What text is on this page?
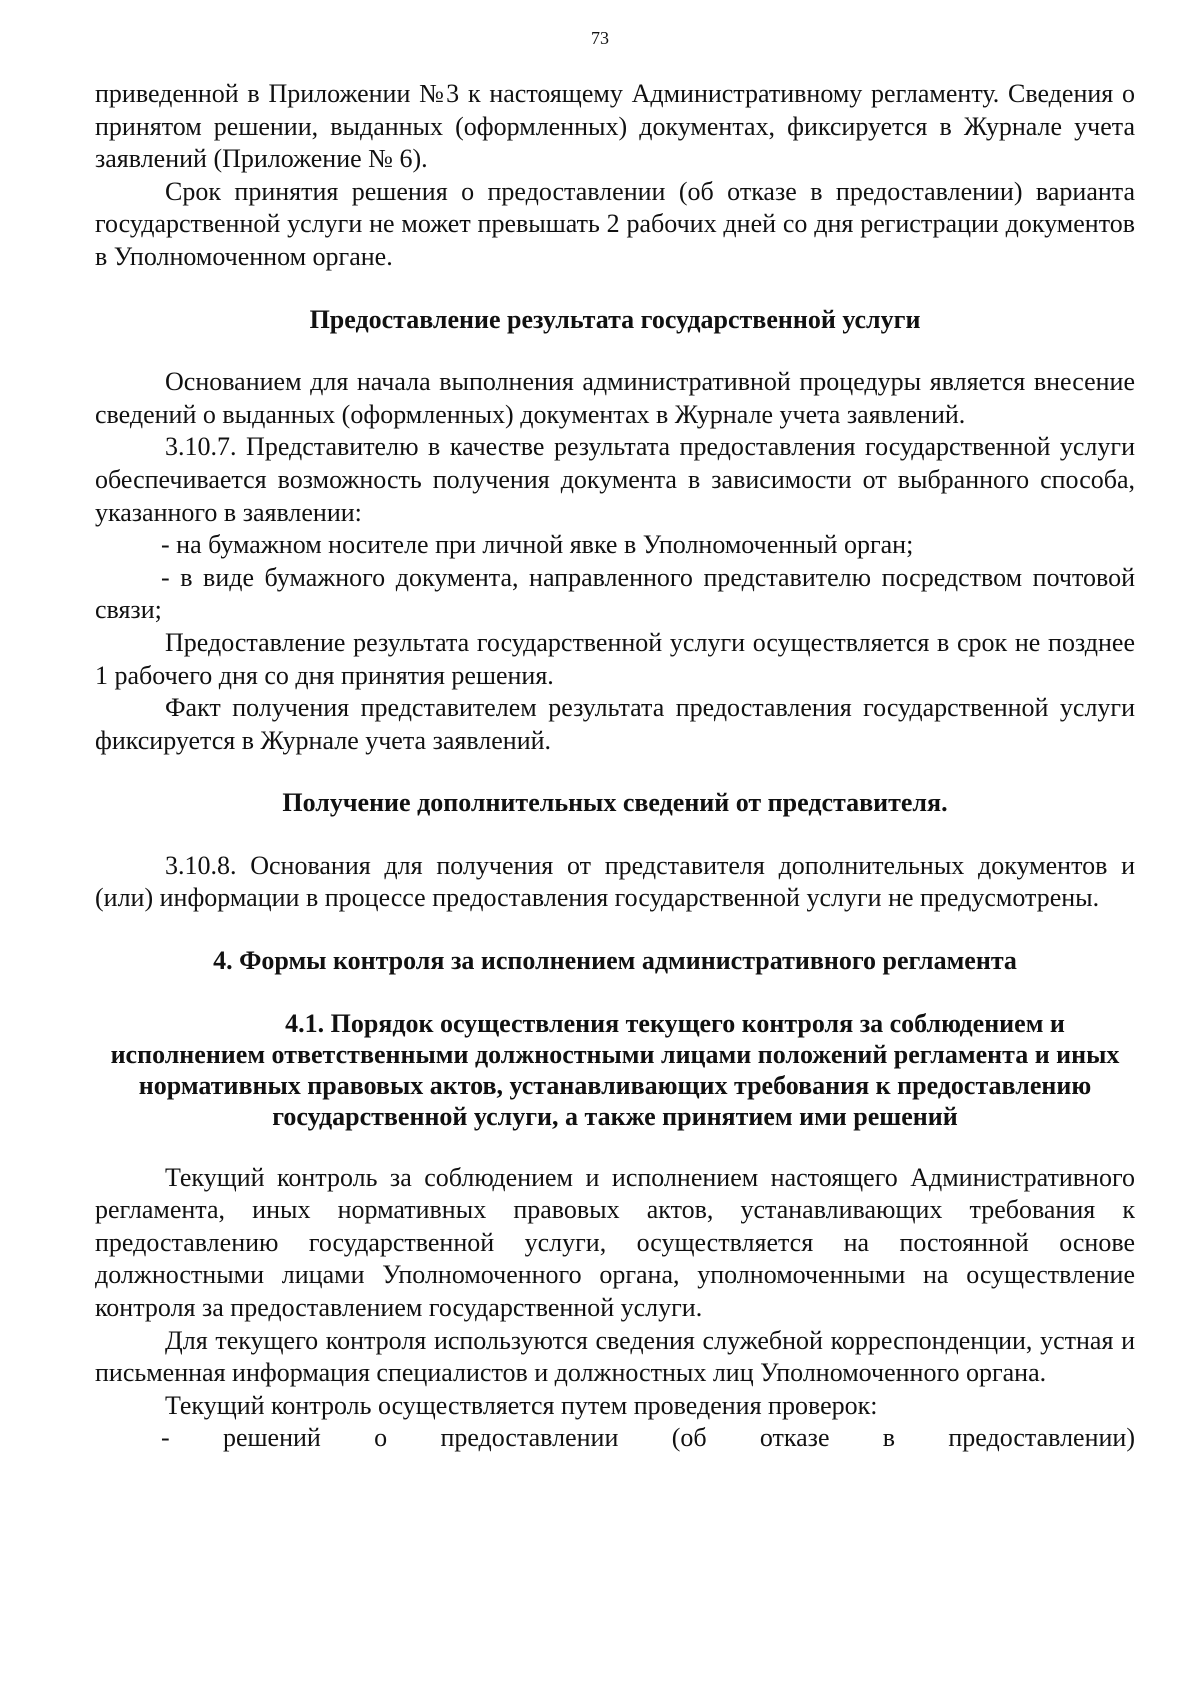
73

приведенной в Приложении №3 к настоящему Административному регламенту. Сведения о принятом решении, выданных (оформленных) документах, фиксируется в Журнале учета заявлений (Приложение № 6).

Срок принятия решения о предоставлении (об отказе в предоставлении) варианта государственной услуги не может превышать 2 рабочих дней со дня регистрации документов в Уполномоченном органе.

Предоставление результата государственной услуги

Основанием для начала выполнения административной процедуры является внесение сведений о выданных (оформленных) документах в Журнале учета заявлений.

3.10.7. Представителю в качестве результата предоставления государственной услуги обеспечивается возможность получения документа в зависимости от выбранного способа, указанного в заявлении:

- на бумажном носителе при личной явке в Уполномоченный орган;

- в виде бумажного документа, направленного представителю посредством почтовой связи;

Предоставление результата государственной услуги осуществляется в срок не позднее 1 рабочего дня со дня принятия решения.

Факт получения представителем результата предоставления государственной услуги фиксируется в Журнале учета заявлений.

Получение дополнительных сведений от представителя.

3.10.8. Основания для получения от представителя дополнительных документов и (или) информации в процессе предоставления государственной услуги не предусмотрены.

4. Формы контроля за исполнением административного регламента
4.1. Порядок осуществления текущего контроля за соблюдением и
исполнением ответственными должностными лицами положений регламента и иных нормативных правовых актов, устанавливающих требования к предоставлению государственной услуги, а также принятием ими решений

Текущий контроль за соблюдением и исполнением настоящего Административного регламента, иных нормативных правовых актов, устанавливающих требования к предоставлению государственной услуги, осуществляется на постоянной основе должностными лицами Уполномоченного органа, уполномоченными на осуществление контроля за предоставлением государственной услуги.

Для текущего контроля используются сведения служебной корреспонденции, устная и письменная информация специалистов и должностных лиц Уполномоченного органа.

Текущий контроль осуществляется путем проведения проверок:

- решений о предоставлении (об отказе в предоставлении)
